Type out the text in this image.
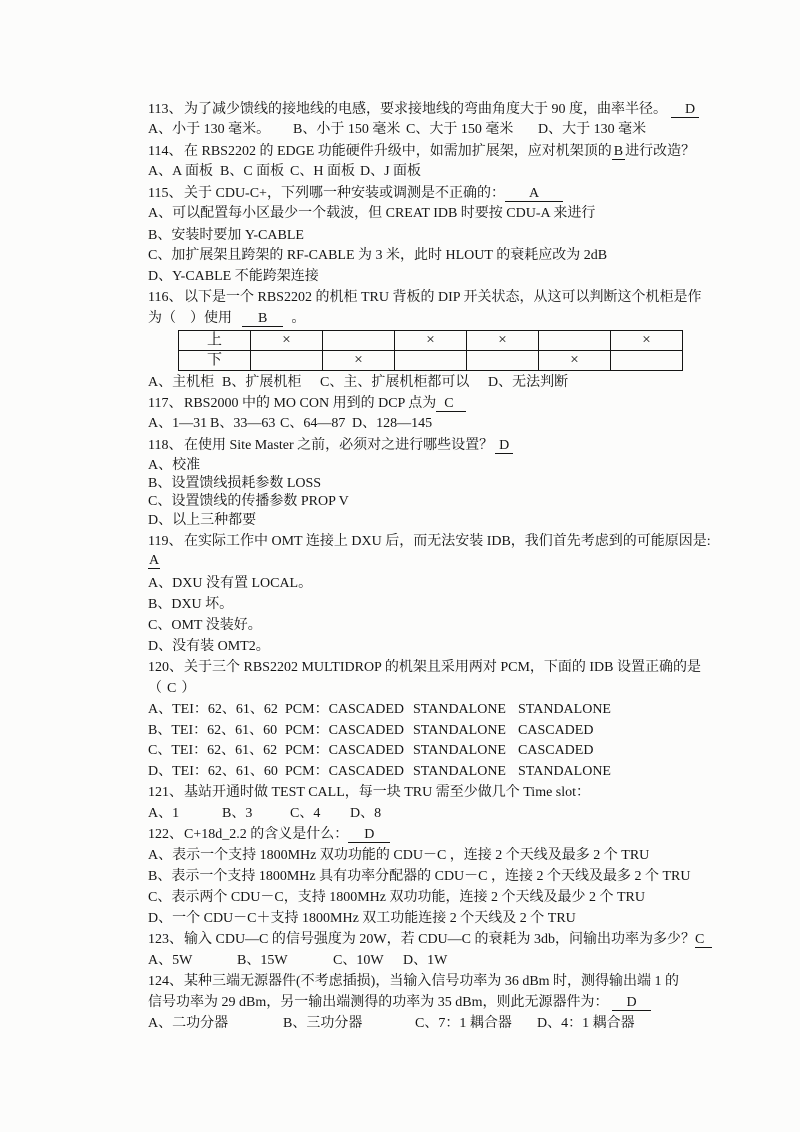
113、 为了减少馈线的接地线的电感，要求接地线的弯曲角度大于 90 度，曲率半径。	D
A、小于 130 毫米。 B、小于 150 毫米 C、大于 150 毫米 D、大于 130 毫米
114、 在 RBS2202 的 EDGE 功能硬件升级中，如需加扩展架，应对机架顶的 B 进行改造？
A、A 面板 B、C 面板 C、H 面板 D、J 面板
115、 关于 CDU-C+，下列哪一种安装或调测是不正确的：	A
A、可以配置每小区最少一个载波，但 CREAT IDB 时要按 CDU-A 来进行
B、安装时要加 Y-CABLE
C、加扩展架且跨架的 RF-CABLE 为 3 米，此时 HLOUT 的衰耗应改为 2dB
D、Y-CABLE 不能跨架连接
116、 以下是一个 RBS2202 的机柜 TRU 背板的 DIP 开关状态，从这可以判断这个机柜是作
为（    ）使用	B	。
上	×		×	×		×
下		×			×	
A、主机柜 B、扩展机柜 C、主、扩展机柜都可以 D、无法判断
117、 RBS2000 中的 MO CON 用到的 DCP 点为 C
A、1—31 B、33—63 C、64—87 D、128—145
118、 在使用 Site Master 之前，必须对之进行哪些设置？ D
A、校准
B、设置馈线损耗参数 LOSS
C、设置馈线的传播参数 PROP V
D、以上三种都要
119、 在实际工作中 OMT 连接上 DXU 后，而无法安装 IDB，我们首先考虑到的可能原因是:
A
A、DXU 没有置 LOCAL。
B、DXU 坏。
C、OMT 没装好。
D、没有装 OMT2。
120、 关于三个 RBS2202 MULTIDROP 的机架且采用两对 PCM，下面的 IDB 设置正确的是
（ C ）
A、TEI：62、61、62 PCM：CASCADED STANDALONE STANDALONE
B、TEI：62、61、60 PCM：CASCADED STANDALONE CASCADED
C、TEI：62、61、62 PCM：CASCADED STANDALONE CASCADED
D、TEI：62、61、60 PCM：CASCADED STANDALONE STANDALONE
121、 基站开通时做 TEST CALL，每一块 TRU 需至少做几个 Time slot：
A、1	B、3	C、4 D、8
122、 C+18d_2.2 的含义是什么：	D
A、表示一个支持 1800MHz 双功功能的 CDU－C ，连接 2 个天线及最多 2 个 TRU
B、表示一个支持 1800MHz 具有功率分配器的 CDU－C ，连接 2 个天线及最多 2 个 TRU
C、表示两个 CDU－C，支持 1800MHz 双功功能，连接 2 个天线及最少 2 个 TRU
D、一个 CDU－C＋支持 1800MHz 双工功能连接 2 个天线及 2 个 TRU
123、 输入 CDU—C 的信号强度为 20W，若 CDU—C 的衰耗为 3db，问输出功率为多少？ C
A、5W	B、15W	C、10W D、1W
124、 某种三端无源器件(不考虑插损)，当输入信号功率为 36 dBm 时，测得输出端 1 的
信号功率为 29 dBm，另一输出端测得的功率为 35 dBm，则此无源器件为：	D
A、二功分器	B、三功分器	C、7：1 耦合器 D、4：1 耦合器
